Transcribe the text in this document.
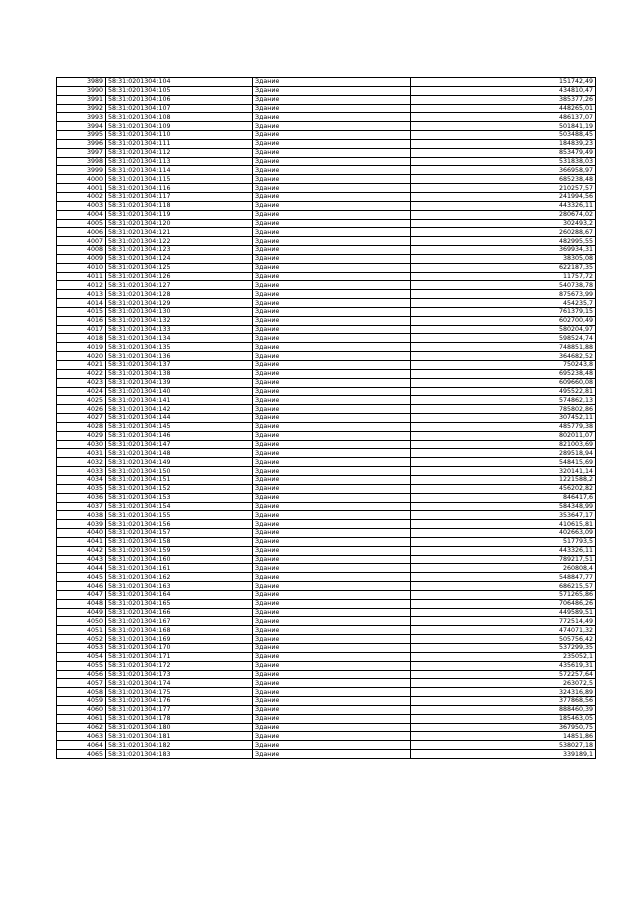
3989	58:31:0201304:104	Здание	151742,49
3990	58:31:0201304:105	Здание	434810,47
3991	58:31:0201304:106	Здание	385377,26
3992	58:31:0201304:107	Здание	448265,01
3993	58:31:0201304:108	Здание	486137,07
3994	58:31:0201304:109	Здание	501841,19
3995	58:31:0201304:110	Здание	503488,45
3996	58:31:0201304:111	Здание	184839,23
3997	58:31:0201304:112	Здание	853479,49
3998	58:31:0201304:113	Здание	531838,03
3999	58:31:0201304:114	Здание	366958,97
4000	58:31:0201304:115	Здание	685238,48
4001	58:31:0201304:116	Здание	210257,57
4002	58:31:0201304:117	Здание	241994,56
4003	58:31:0201304:118	Здание	443326,11
4004	58:31:0201304:119	Здание	280674,02
4005	58:31:0201304:120	Здание	302493,2
4006	58:31:0201304:121	Здание	260288,67
4007	58:31:0201304:122	Здание	482995,55
4008	58:31:0201304:123	Здание	369934,31
4009	58:31:0201304:124	Здание	38305,08
4010	58:31:0201304:125	Здание	622187,35
4011	58:31:0201304:126	Здание	11757,72
4012	58:31:0201304:127	Здание	540738,78
4013	58:31:0201304:128	Здание	875673,99
4014	58:31:0201304:129	Здание	454235,7
4015	58:31:0201304:130	Здание	761379,15
4016	58:31:0201304:132	Здание	602700,49
4017	58:31:0201304:133	Здание	580204,97
4018	58:31:0201304:134	Здание	598524,74
4019	58:31:0201304:135	Здание	748851,88
4020	58:31:0201304:136	Здание	364682,52
4021	58:31:0201304:137	Здание	750243,8
4022	58:31:0201304:138	Здание	695238,48
4023	58:31:0201304:139	Здание	609660,08
4024	58:31:0201304:140	Здание	495522,81
4025	58:31:0201304:141	Здание	574862,13
4026	58:31:0201304:142	Здание	785802,86
4027	58:31:0201304:144	Здание	307452,11
4028	58:31:0201304:145	Здание	485779,38
4029	58:31:0201304:146	Здание	802011,07
4030	58:31:0201304:147	Здание	821003,69
4031	58:31:0201304:148	Здание	289518,94
4032	58:31:0201304:149	Здание	548415,69
4033	58:31:0201304:150	Здание	320141,14
4034	58:31:0201304:151	Здание	1221588,2
4035	58:31:0201304:152	Здание	456202,82
4036	58:31:0201304:153	Здание	846417,6
4037	58:31:0201304:154	Здание	584348,99
4038	58:31:0201304:155	Здание	353647,17
4039	58:31:0201304:156	Здание	410615,81
4040	58:31:0201304:157	Здание	402663,09
4041	58:31:0201304:158	Здание	517793,5
4042	58:31:0201304:159	Здание	443326,11
4043	58:31:0201304:160	Здание	789217,51
4044	58:31:0201304:161	Здание	260808,4
4045	58:31:0201304:162	Здание	548847,77
4046	58:31:0201304:163	Здание	686215,57
4047	58:31:0201304:164	Здание	571265,86
4048	58:31:0201304:165	Здание	706486,26
4049	58:31:0201304:166	Здание	449589,51
4050	58:31:0201304:167	Здание	772514,49
4051	58:31:0201304:168	Здание	474071,32
4052	58:31:0201304:169	Здание	505756,42
4053	58:31:0201304:170	Здание	537299,35
4054	58:31:0201304:171	Здание	235052,1
4055	58:31:0201304:172	Здание	435619,31
4056	58:31:0201304:173	Здание	572257,64
4057	58:31:0201304:174	Здание	263072,5
4058	58:31:0201304:175	Здание	324316,89
4059	58:31:0201304:176	Здание	377868,56
4060	58:31:0201304:177	Здание	888460,39
4061	58:31:0201304:178	Здание	185463,05
4062	58:31:0201304:180	Здание	367950,75
4063	58:31:0201304:181	Здание	14851,86
4064	58:31:0201304:182	Здание	538027,18
4065	58:31:0201304:183	Здание	339189,1
